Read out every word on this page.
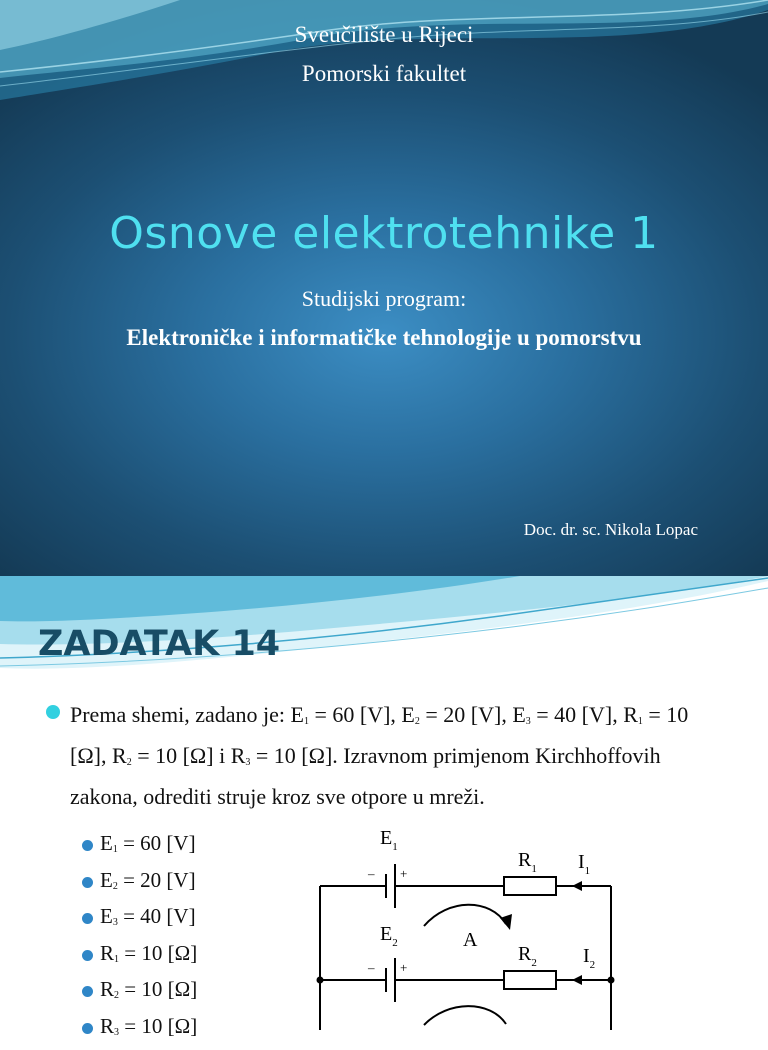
Sveučilište u Rijeci
Pomorski fakultet
Osnove elektrotehnike 1
Studijski program:
Elektroničke i informatičke tehnologije u pomorstvu
Doc. dr. sc. Nikola Lopac
ZADATAK 14
Prema shemi, zadano je: $E_1 = 60$ [V], $E_2 = 20$ [V], $E_3 = 40$ [V], $R_1 = 10$ [Ω], $R_2 = 10$ [Ω] i $R_3 = 10$ [Ω]. Izravnom primjenom Kirchhoffovih zakona, odrediti struje kroz sve otpore u mreži.
$E_1 = 60$ [V]
$E_2 = 20$ [V]
$E_3 = 40$ [V]
$R_1 = 10$ [Ω]
$R_2 = 10$ [Ω]
$R_3 = 10$ [Ω]
$E_1$
$E_2$
$R_1$
$R_2$
$I_1$
$I_2$
A
– +
– +
